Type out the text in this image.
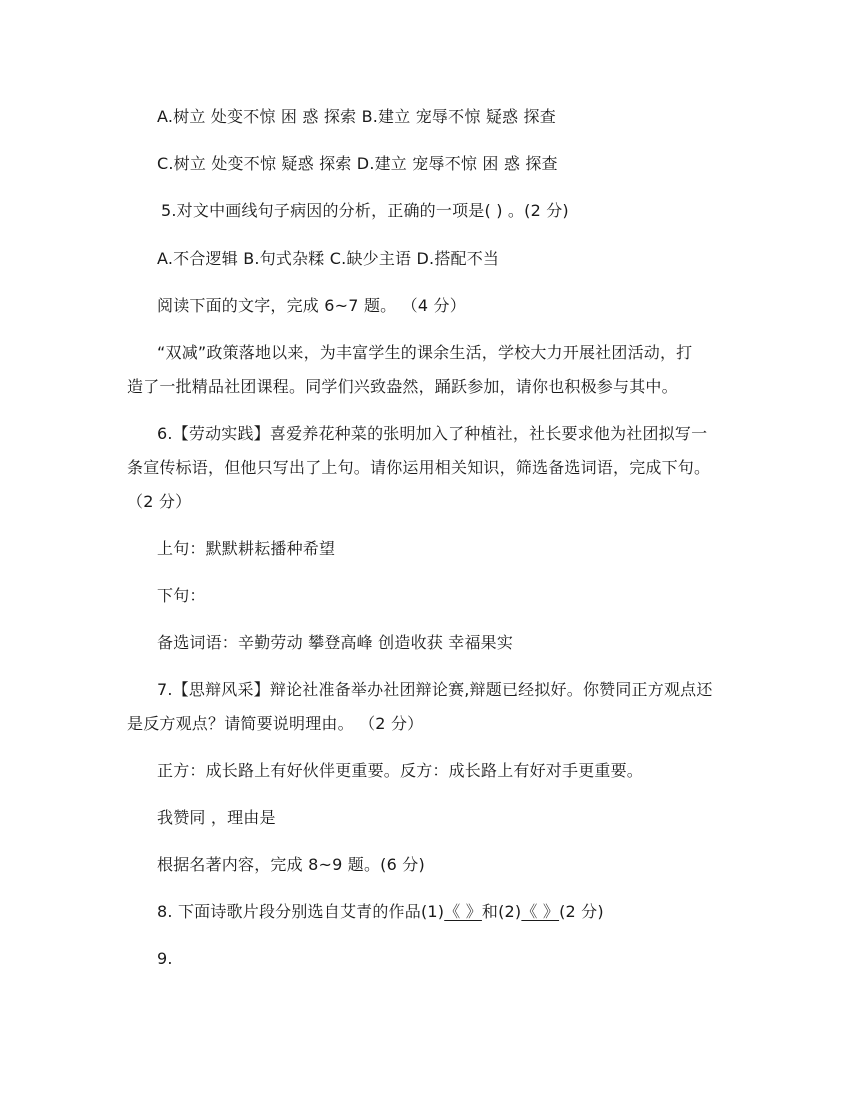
A.树立 处变不惊 困 惑 探索 B.建立 宠辱不惊 疑惑 探查
C.树立 处变不惊 疑惑 探索 D.建立 宠辱不惊 困 惑 探查
5.对文中画线句子病因的分析，正确的一项是( ) 。(2 分)
A.不合逻辑 B.句式杂糅 C.缺少主语 D.搭配不当
阅读下面的文字，完成 6~7 题。 （4 分）
“双减”政策落地以来，为丰富学生的课余生活，学校大力开展社团活动，打
造了一批精品社团课程。同学们兴致盎然，踊跃参加，请你也积极参与其中。
6.【劳动实践】喜爱养花种菜的张明加入了种植社，社长要求他为社团拟写一
条宣传标语，但他只写出了上句。请你运用相关知识，筛选备选词语，完成下句。
（2 分）
上句：默默耕耘播种希望
下句：
备选词语：辛勤劳动 攀登高峰 创造收获 幸福果实
7.【思辩风采】辩论社准备举办社团辩论赛,辩题已经拟好。你赞同正方观点还
是反方观点？请简要说明理由。 （2 分）
正方：成长路上有好伙伴更重要。反方：成长路上有好对手更重要。
我赞同 ，理由是
根据名著内容，完成 8~9 题。(6 分)
8. 下面诗歌片段分别选自艾青的作品(1)《 》和(2)《 》(2 分)
9.
